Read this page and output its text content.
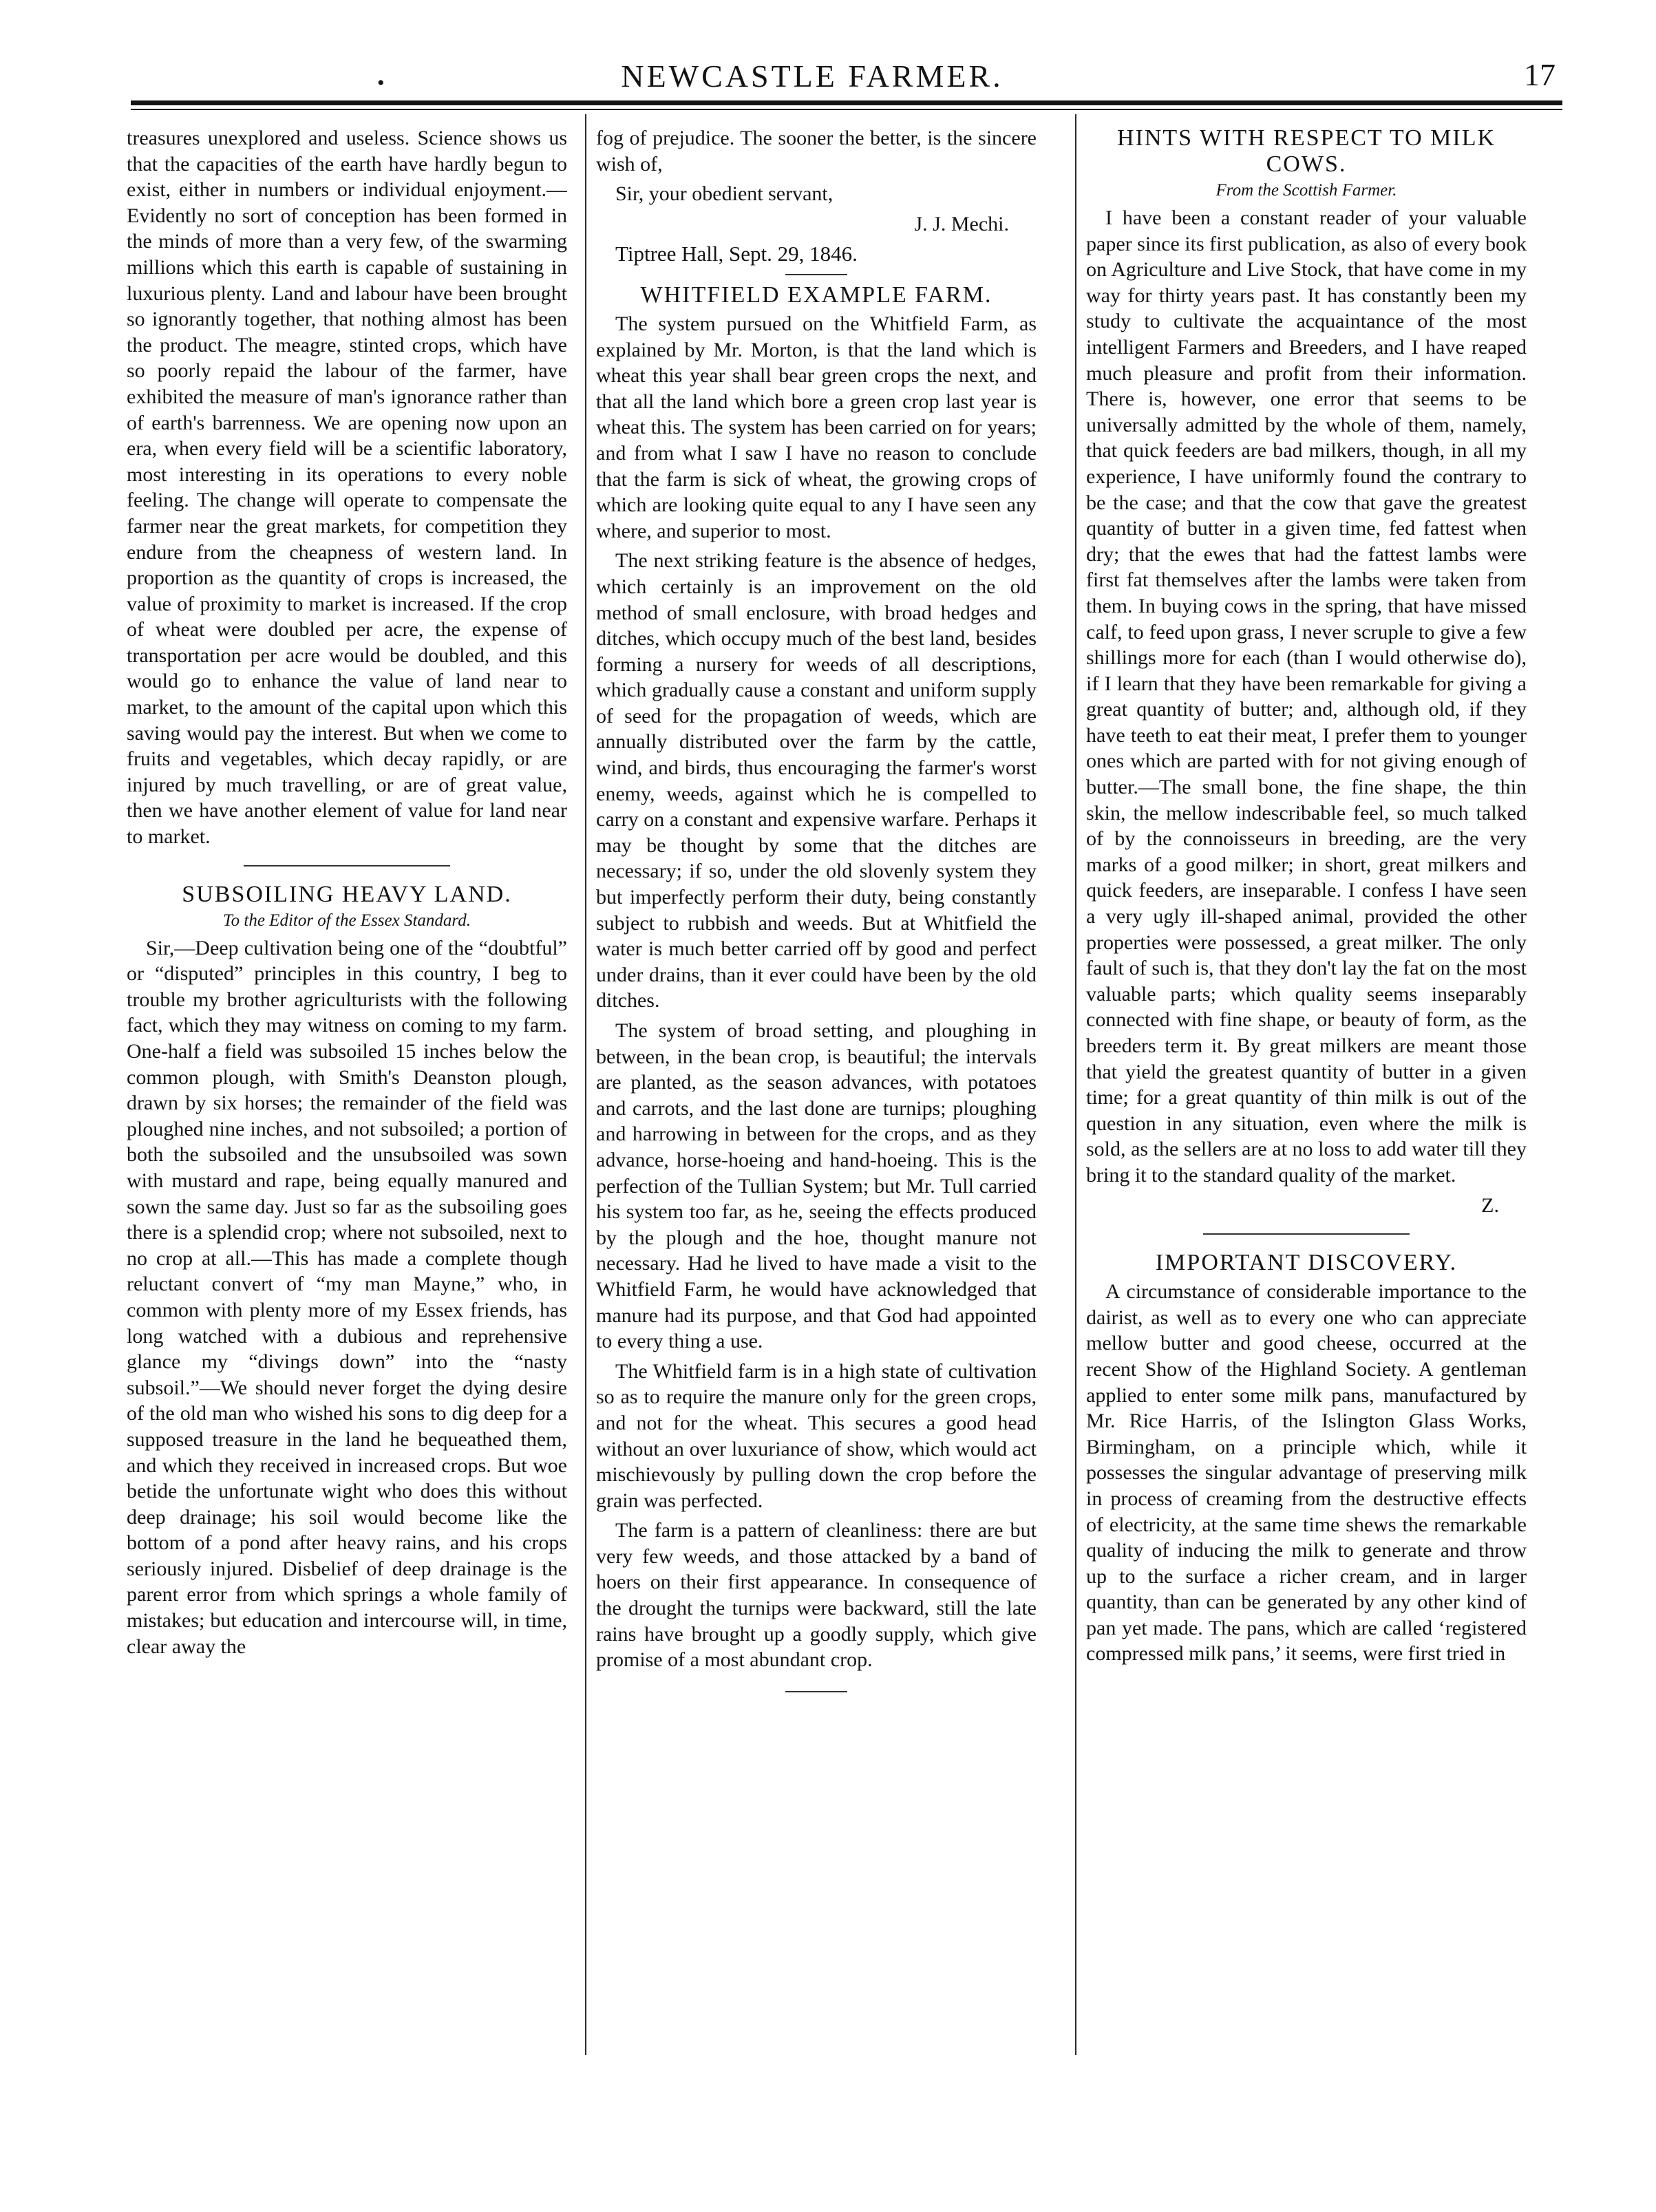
•	NEWCASTLE FARMER.	17

treasures unexplored and useless. Science shows us that the capacities of the earth have hardly begun to exist, either in numbers or individual enjoyment.—Evidently no sort of conception has been formed in the minds of more than a very few, of the swarming millions which this earth is capable of sustaining in luxurious plenty. Land and labour have been brought so ignorantly together, that nothing almost has been the product. The meagre, stinted crops, which have so poorly repaid the labour of the farmer, have exhibited the measure of man's ignorance rather than of earth's barrenness. We are opening now upon an era, when every field will be a scientific laboratory, most interesting in its operations to every noble feeling. The change will operate to compensate the farmer near the great markets, for competition they endure from the cheapness of western land. In proportion as the quantity of crops is increased, the value of proximity to market is increased. If the crop of wheat were doubled per acre, the expense of transportation per acre would be doubled, and this would go to enhance the value of land near to market, to the amount of the capital upon which this saving would pay the interest. But when we come to fruits and vegetables, which decay rapidly, or are injured by much travelling, or are of great value, then we have another element of value for land near to market.

SUBSOILING HEAVY LAND.
To the Editor of the Essex Standard.

Sir,—Deep cultivation being one of the “doubtful” or “disputed” principles in this country, I beg to trouble my brother agriculturists with the following fact, which they may witness on coming to my farm. One-half a field was subsoiled 15 inches below the common plough, with Smith's Deanston plough, drawn by six horses; the remainder of the field was ploughed nine inches, and not subsoiled; a portion of both the subsoiled and the unsubsoiled was sown with mustard and rape, being equally manured and sown the same day. Just so far as the subsoiling goes there is a splendid crop; where not subsoiled, next to no crop at all.—This has made a complete though reluctant convert of “my man Mayne,” who, in common with plenty more of my Essex friends, has long watched with a dubious and reprehensive glance my “divings down” into the “nasty subsoil.”—We should never forget the dying desire of the old man who wished his sons to dig deep for a supposed treasure in the land he bequeathed them, and which they received in increased crops. But woe betide the unfortunate wight who does this without deep drainage; his soil would become like the bottom of a pond after heavy rains, and his crops seriously injured. Disbelief of deep drainage is the parent error from which springs a whole family of mistakes; but education and intercourse will, in time, clear away the

fog of prejudice. The sooner the better, is the sincere wish of,

Sir, your obedient servant,

J. J. Mechi.

Tiptree Hall, Sept. 29, 1846.

WHITFIELD EXAMPLE FARM.

The system pursued on the Whitfield Farm, as explained by Mr. Morton, is that the land which is wheat this year shall bear green crops the next, and that all the land which bore a green crop last year is wheat this. The system has been carried on for years; and from what I saw I have no reason to conclude that the farm is sick of wheat, the growing crops of which are looking quite equal to any I have seen any where, and superior to most.

The next striking feature is the absence of hedges, which certainly is an improvement on the old method of small enclosure, with broad hedges and ditches, which occupy much of the best land, besides forming a nursery for weeds of all descriptions, which gradually cause a constant and uniform supply of seed for the propagation of weeds, which are annually distributed over the farm by the cattle, wind, and birds, thus encouraging the farmer's worst enemy, weeds, against which he is compelled to carry on a constant and expensive warfare. Perhaps it may be thought by some that the ditches are necessary; if so, under the old slovenly system they but imperfectly perform their duty, being constantly subject to rubbish and weeds. But at Whitfield the water is much better carried off by good and perfect under drains, than it ever could have been by the old ditches.

The system of broad setting, and ploughing in between, in the bean crop, is beautiful; the intervals are planted, as the season advances, with potatoes and carrots, and the last done are turnips; ploughing and harrowing in between for the crops, and as they advance, horse-hoeing and hand-hoeing. This is the perfection of the Tullian System; but Mr. Tull carried his system too far, as he, seeing the effects produced by the plough and the hoe, thought manure not necessary. Had he lived to have made a visit to the Whitfield Farm, he would have acknowledged that manure had its purpose, and that God had appointed to every thing a use.

The Whitfield farm is in a high state of cultivation so as to require the manure only for the green crops, and not for the wheat. This secures a good head without an over luxuriance of show, which would act mischievously by pulling down the crop before the grain was perfected.

The farm is a pattern of cleanliness: there are but very few weeds, and those attacked by a band of hoers on their first appearance. In consequence of the drought the turnips were backward, still the late rains have brought up a goodly supply, which give promise of a most abundant crop.

HINTS WITH RESPECT TO MILK COWS.
From the Scottish Farmer.

I have been a constant reader of your valuable paper since its first publication, as also of every book on Agriculture and Live Stock, that have come in my way for thirty years past. It has constantly been my study to cultivate the acquaintance of the most intelligent Farmers and Breeders, and I have reaped much pleasure and profit from their information. There is, however, one error that seems to be universally admitted by the whole of them, namely, that quick feeders are bad milkers, though, in all my experience, I have uniformly found the contrary to be the case; and that the cow that gave the greatest quantity of butter in a given time, fed fattest when dry; that the ewes that had the fattest lambs were first fat themselves after the lambs were taken from them. In buying cows in the spring, that have missed calf, to feed upon grass, I never scruple to give a few shillings more for each (than I would otherwise do), if I learn that they have been remarkable for giving a great quantity of butter; and, although old, if they have teeth to eat their meat, I prefer them to younger ones which are parted with for not giving enough of butter.—The small bone, the fine shape, the thin skin, the mellow indescribable feel, so much talked of by the connoisseurs in breeding, are the very marks of a good milker; in short, great milkers and quick feeders, are inseparable. I confess I have seen a very ugly ill-shaped animal, provided the other properties were possessed, a great milker. The only fault of such is, that they don't lay the fat on the most valuable parts; which quality seems inseparably connected with fine shape, or beauty of form, as the breeders term it. By great milkers are meant those that yield the greatest quantity of butter in a given time; for a great quantity of thin milk is out of the question in any situation, even where the milk is sold, as the sellers are at no loss to add water till they bring it to the standard quality of the market.

Z.

IMPORTANT DISCOVERY.

A circumstance of considerable importance to the dairist, as well as to every one who can appreciate mellow butter and good cheese, occurred at the recent Show of the Highland Society. A gentleman applied to enter some milk pans, manufactured by Mr. Rice Harris, of the Islington Glass Works, Birmingham, on a principle which, while it possesses the singular advantage of preserving milk in process of creaming from the destructive effects of electricity, at the same time shews the remarkable quality of inducing the milk to generate and throw up to the surface a richer cream, and in larger quantity, than can be generated by any other kind of pan yet made. The pans, which are called ‘registered compressed milk pans,’ it seems, were first tried in
